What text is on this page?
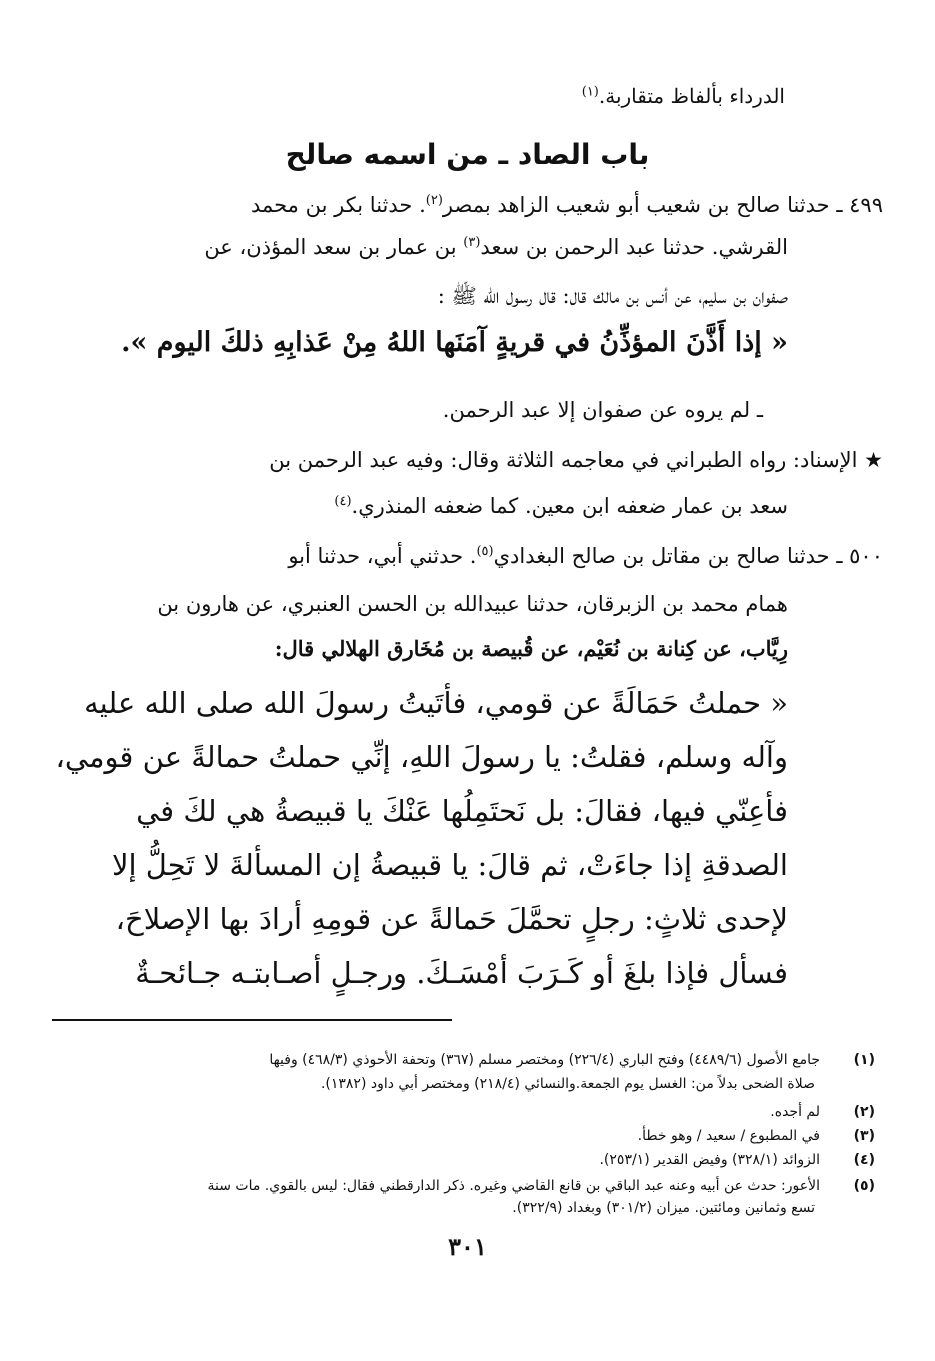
الدرداء بألفاظ متقاربة.$^{(١)}$
باب الصاد ـ من اسمه صالح
٤٩٩ ـ حدثنا صالح بن شعيب أبو شعيب الزاهد بمصر$^{(٢)}$. حدثنا بكر بن محمد
القرشي. حدثنا عبد الرحمن بن سعد$^{(٣)}$ بن عمار بن سعد المؤذن، عن
صفوان بن سليم، عن أنس بن مالك قال: قال رسول الله ﷺ :
« إذا أَذَّنَ المؤذِّنُ في قريةٍ آمَنَها اللهُ مِنْ عَذابِهِ ذلكَ اليوم ».
ـ لم يروه عن صفوان إلا عبد الرحمن.
★ الإسناد: رواه الطبراني في معاجمه الثلاثة وقال: وفيه عبد الرحمن بن
سعد بن عمار ضعفه ابن معين. كما ضعفه المنذري.$^{(٤)}$
٥٠٠ ـ حدثنا صالح بن مقاتل بن صالح البغدادي$^{(٥)}$. حدثني أبي، حدثنا أبو
همام محمد بن الزبرقان، حدثنا عبيدالله بن الحسن العنبري، عن هارون بن
رِيَّاب، عن كِنانة بن نُعَيْم، عن قُبيصة بن مُخَارق الهلالي قال:
« حملتُ حَمَالَةً عن قومي، فأتَيتُ رسولَ الله صلى الله عليه
وآله وسلم، فقلتُ: يا رسولَ اللهِ، إنِّي حملتُ حمالةً عن قومي،
فأعِنّي فيها، فقالَ: بل نَحتَمِلُها عَنْكَ يا قبيصةُ هي لكَ في
الصدقةِ إذا جاءَتْ، ثم قالَ: يا قبيصةُ إن المسألةَ لا تَحِلُّ إلا
لإحدى ثلاثٍ: رجلٍ تحمَّلَ حَمالةً عن قومِهِ أرادَ بها الإصلاحَ،
فسأل فإذا بلغَ أو كَـرَبَ أمْسَـكَ. ورجـلٍ أصـابتـه جـائحـةٌ
(١)جامع الأصول (٤٤٨٩/٦) وفتح الباري (٢٢٦/٤) ومختصر مسلم (٣٦٧) وتحفة الأحوذي (٤٦٨/٣) وفيها
صلاة الضحى بدلاً من: الغسل يوم الجمعة.والنسائي (٢١٨/٤) ومختصر أبي داود (١٣٨٢).
(٢)لم أجده.
(٣)في المطبوع / سعيد / وهو خطأ.
(٤)الزوائد (٣٢٨/١) وفيض القدير (٢٥٣/١).
(٥)الأعور: حدث عن أبيه وعنه عبد الباقي بن قانع القاضي وغيره. ذكر الدارقطني فقال: ليس بالقوي. مات سنة
تسع وثمانين ومائتين. ميزان (٣٠١/٢) وبغداد (٣٢٢/٩).
٣٠١
